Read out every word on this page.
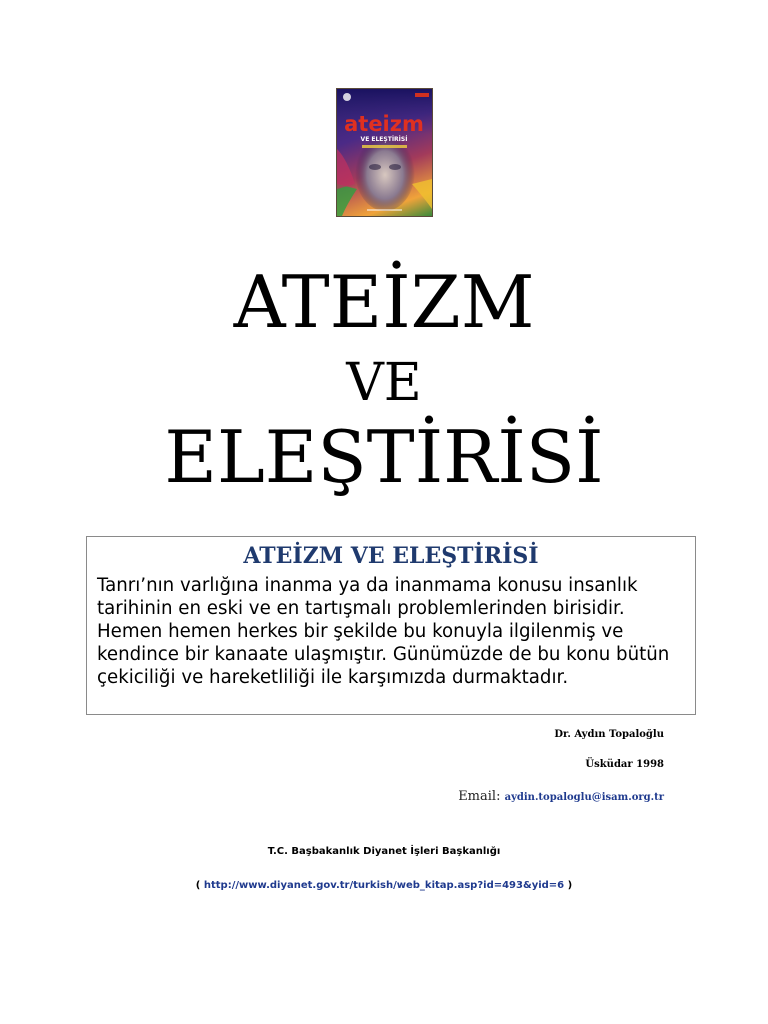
ateizm
VE ELEŞTİRİSİ
ATEİZM
VE
ELEŞTİRİSİ
ATEİZM VE ELEŞTİRİSİ

Tanrı’nın varlığına inanma ya da inanmama konusu insanlık tarihinin en eski ve en tartışmalı problemlerinden birisidir. Hemen hemen herkes bir şekilde bu konuyla ilgilenmiş ve kendince bir kanaate ulaşmıştır. Günümüzde de bu konu bütün çekiciliği ve hareketliliği ile karşımızda durmaktadır.

Dr. Aydın Topaloğlu
Üsküdar 1998
Email: aydin.topaloglu@isam.org.tr
T.C. Başbakanlık Diyanet İşleri Başkanlığı
( http://www.diyanet.gov.tr/turkish/web_kitap.asp?id=493&yid=6 )
